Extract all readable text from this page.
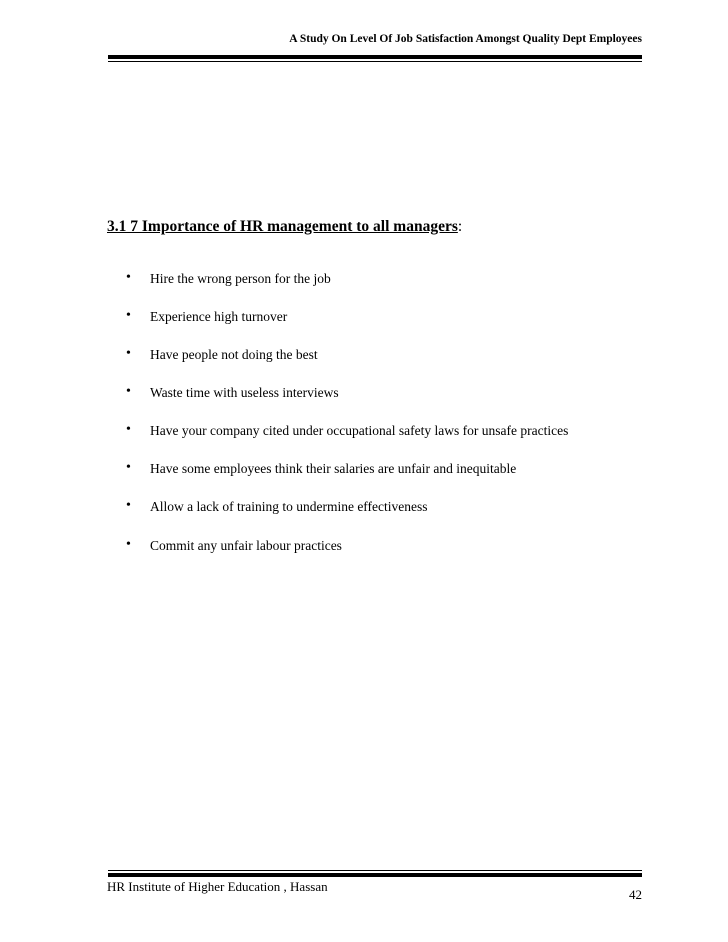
A Study On Level Of Job Satisfaction Amongst Quality Dept Employees
3.1 7 Importance of HR management to all managers:
• Hire the wrong person for the job
• Experience high turnover
• Have people not doing the best
• Waste time with useless interviews
• Have your company cited under occupational safety laws for unsafe practices
• Have some employees think their salaries are unfair and inequitable
• Allow a lack of training to undermine effectiveness
• Commit any unfair labour practices
HR Institute of Higher Education , Hassan
42
